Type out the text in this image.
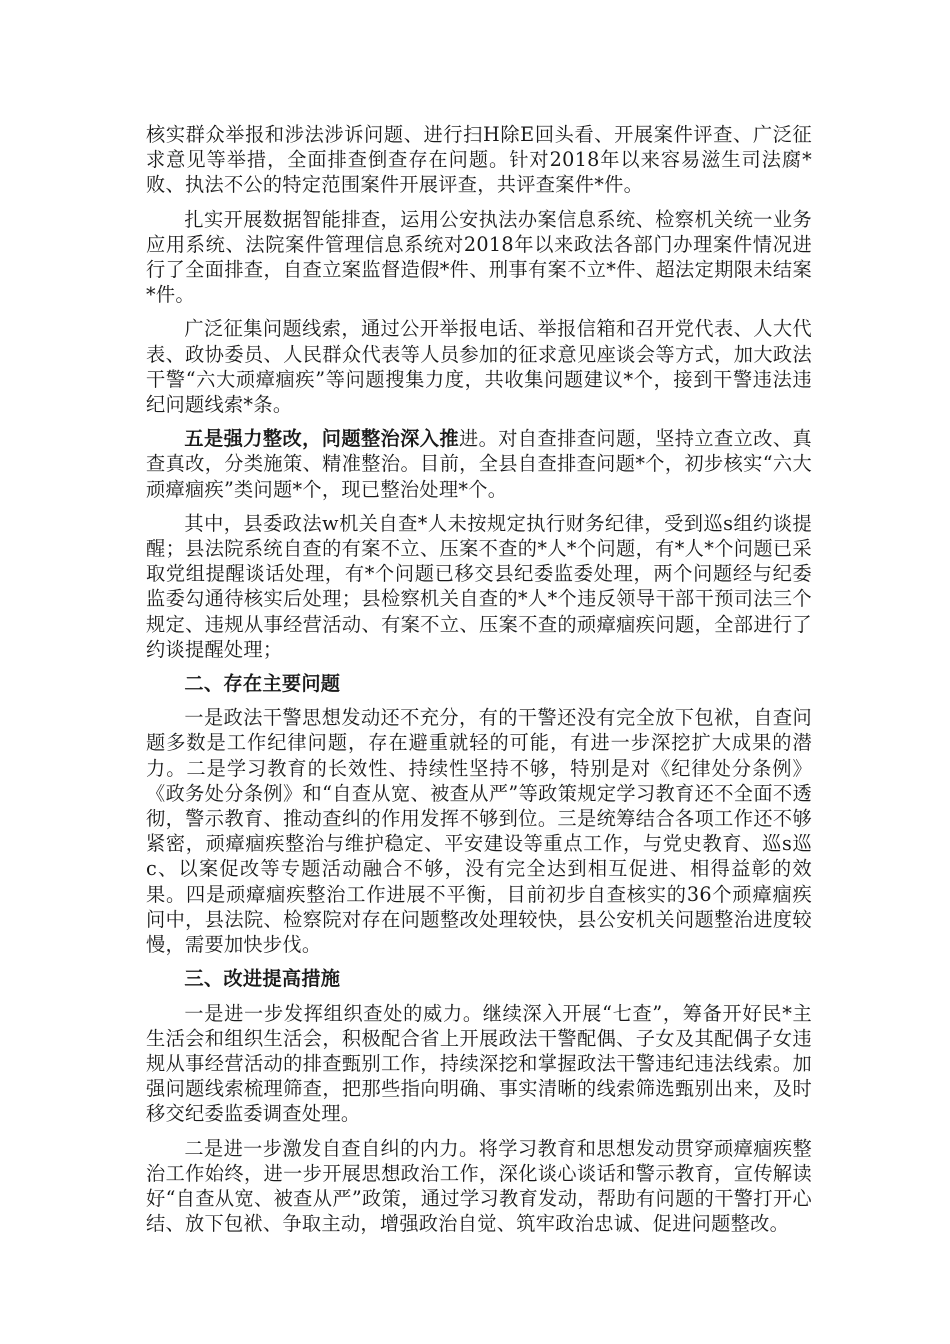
核实群众举报和涉法涉诉问题、进行扫H除E回头看、开展案件评查、广泛征求意见等举措，全面排查倒查存在问题。针对2018年以来容易滋生司法腐*败、执法不公的特定范围案件开展评查，共评查案件*件。

扎实开展数据智能排查，运用公安执法办案信息系统、检察机关统一业务应用系统、法院案件管理信息系统对2018年以来政法各部门办理案件情况进行了全面排查，自查立案监督造假*件、刑事有案不立*件、超法定期限未结案*件。

广泛征集问题线索，通过公开举报电话、举报信箱和召开党代表、人大代表、政协委员、人民群众代表等人员参加的征求意见座谈会等方式，加大政法干警“六大顽瘴痼疾”等问题搜集力度，共收集问题建议*个，接到干警违法违纪问题线索*条。

五是强力整改，问题整治深入推进。对自查排查问题，坚持立查立改、真查真改，分类施策、精准整治。目前，全县自查排查问题*个，初步核实“六大顽瘴痼疾”类问题*个，现已整治处理*个。

其中，县委政法w机关自查*人未按规定执行财务纪律，受到巡s组约谈提醒；县法院系统自查的有案不立、压案不查的*人*个问题，有*人*个问题已采取党组提醒谈话处理，有*个问题已移交县纪委监委处理，两个问题经与纪委监委勾通待核实后处理；县检察机关自查的*人*个违反领导干部干预司法三个规定、违规从事经营活动、有案不立、压案不查的顽瘴痼疾问题，全部进行了约谈提醒处理；

二、存在主要问题

一是政法干警思想发动还不充分，有的干警还没有完全放下包袱，自查问题多数是工作纪律问题，存在避重就轻的可能，有进一步深挖扩大成果的潜力。二是学习教育的长效性、持续性坚持不够，特别是对《纪律处分条例》《政务处分条例》和“自查从宽、被查从严”等政策规定学习教育还不全面不透彻，警示教育、推动查纠的作用发挥不够到位。三是统筹结合各项工作还不够紧密，顽瘴痼疾整治与维护稳定、平安建设等重点工作，与党史教育、巡s巡c、以案促改等专题活动融合不够，没有完全达到相互促进、相得益彰的效果。四是顽瘴痼疾整治工作进展不平衡，目前初步自查核实的36个顽瘴痼疾问中，县法院、检察院对存在问题整改处理较快，县公安机关问题整治进度较慢，需要加快步伐。

三、改进提高措施

一是进一步发挥组织查处的威力。继续深入开展“七查”，筹备开好民*主生活会和组织生活会，积极配合省上开展政法干警配偶、子女及其配偶子女违规从事经营活动的排查甄别工作，持续深挖和掌握政法干警违纪违法线索。加强问题线索梳理筛查，把那些指向明确、事实清晰的线索筛选甄别出来，及时移交纪委监委调查处理。

二是进一步激发自查自纠的内力。将学习教育和思想发动贯穿顽瘴痼疾整治工作始终，进一步开展思想政治工作，深化谈心谈话和警示教育，宣传解读好“自查从宽、被查从严”政策，通过学习教育发动，帮助有问题的干警打开心结、放下包袱、争取主动，增强政治自觉、筑牢政治忠诚、促进问题整改。
